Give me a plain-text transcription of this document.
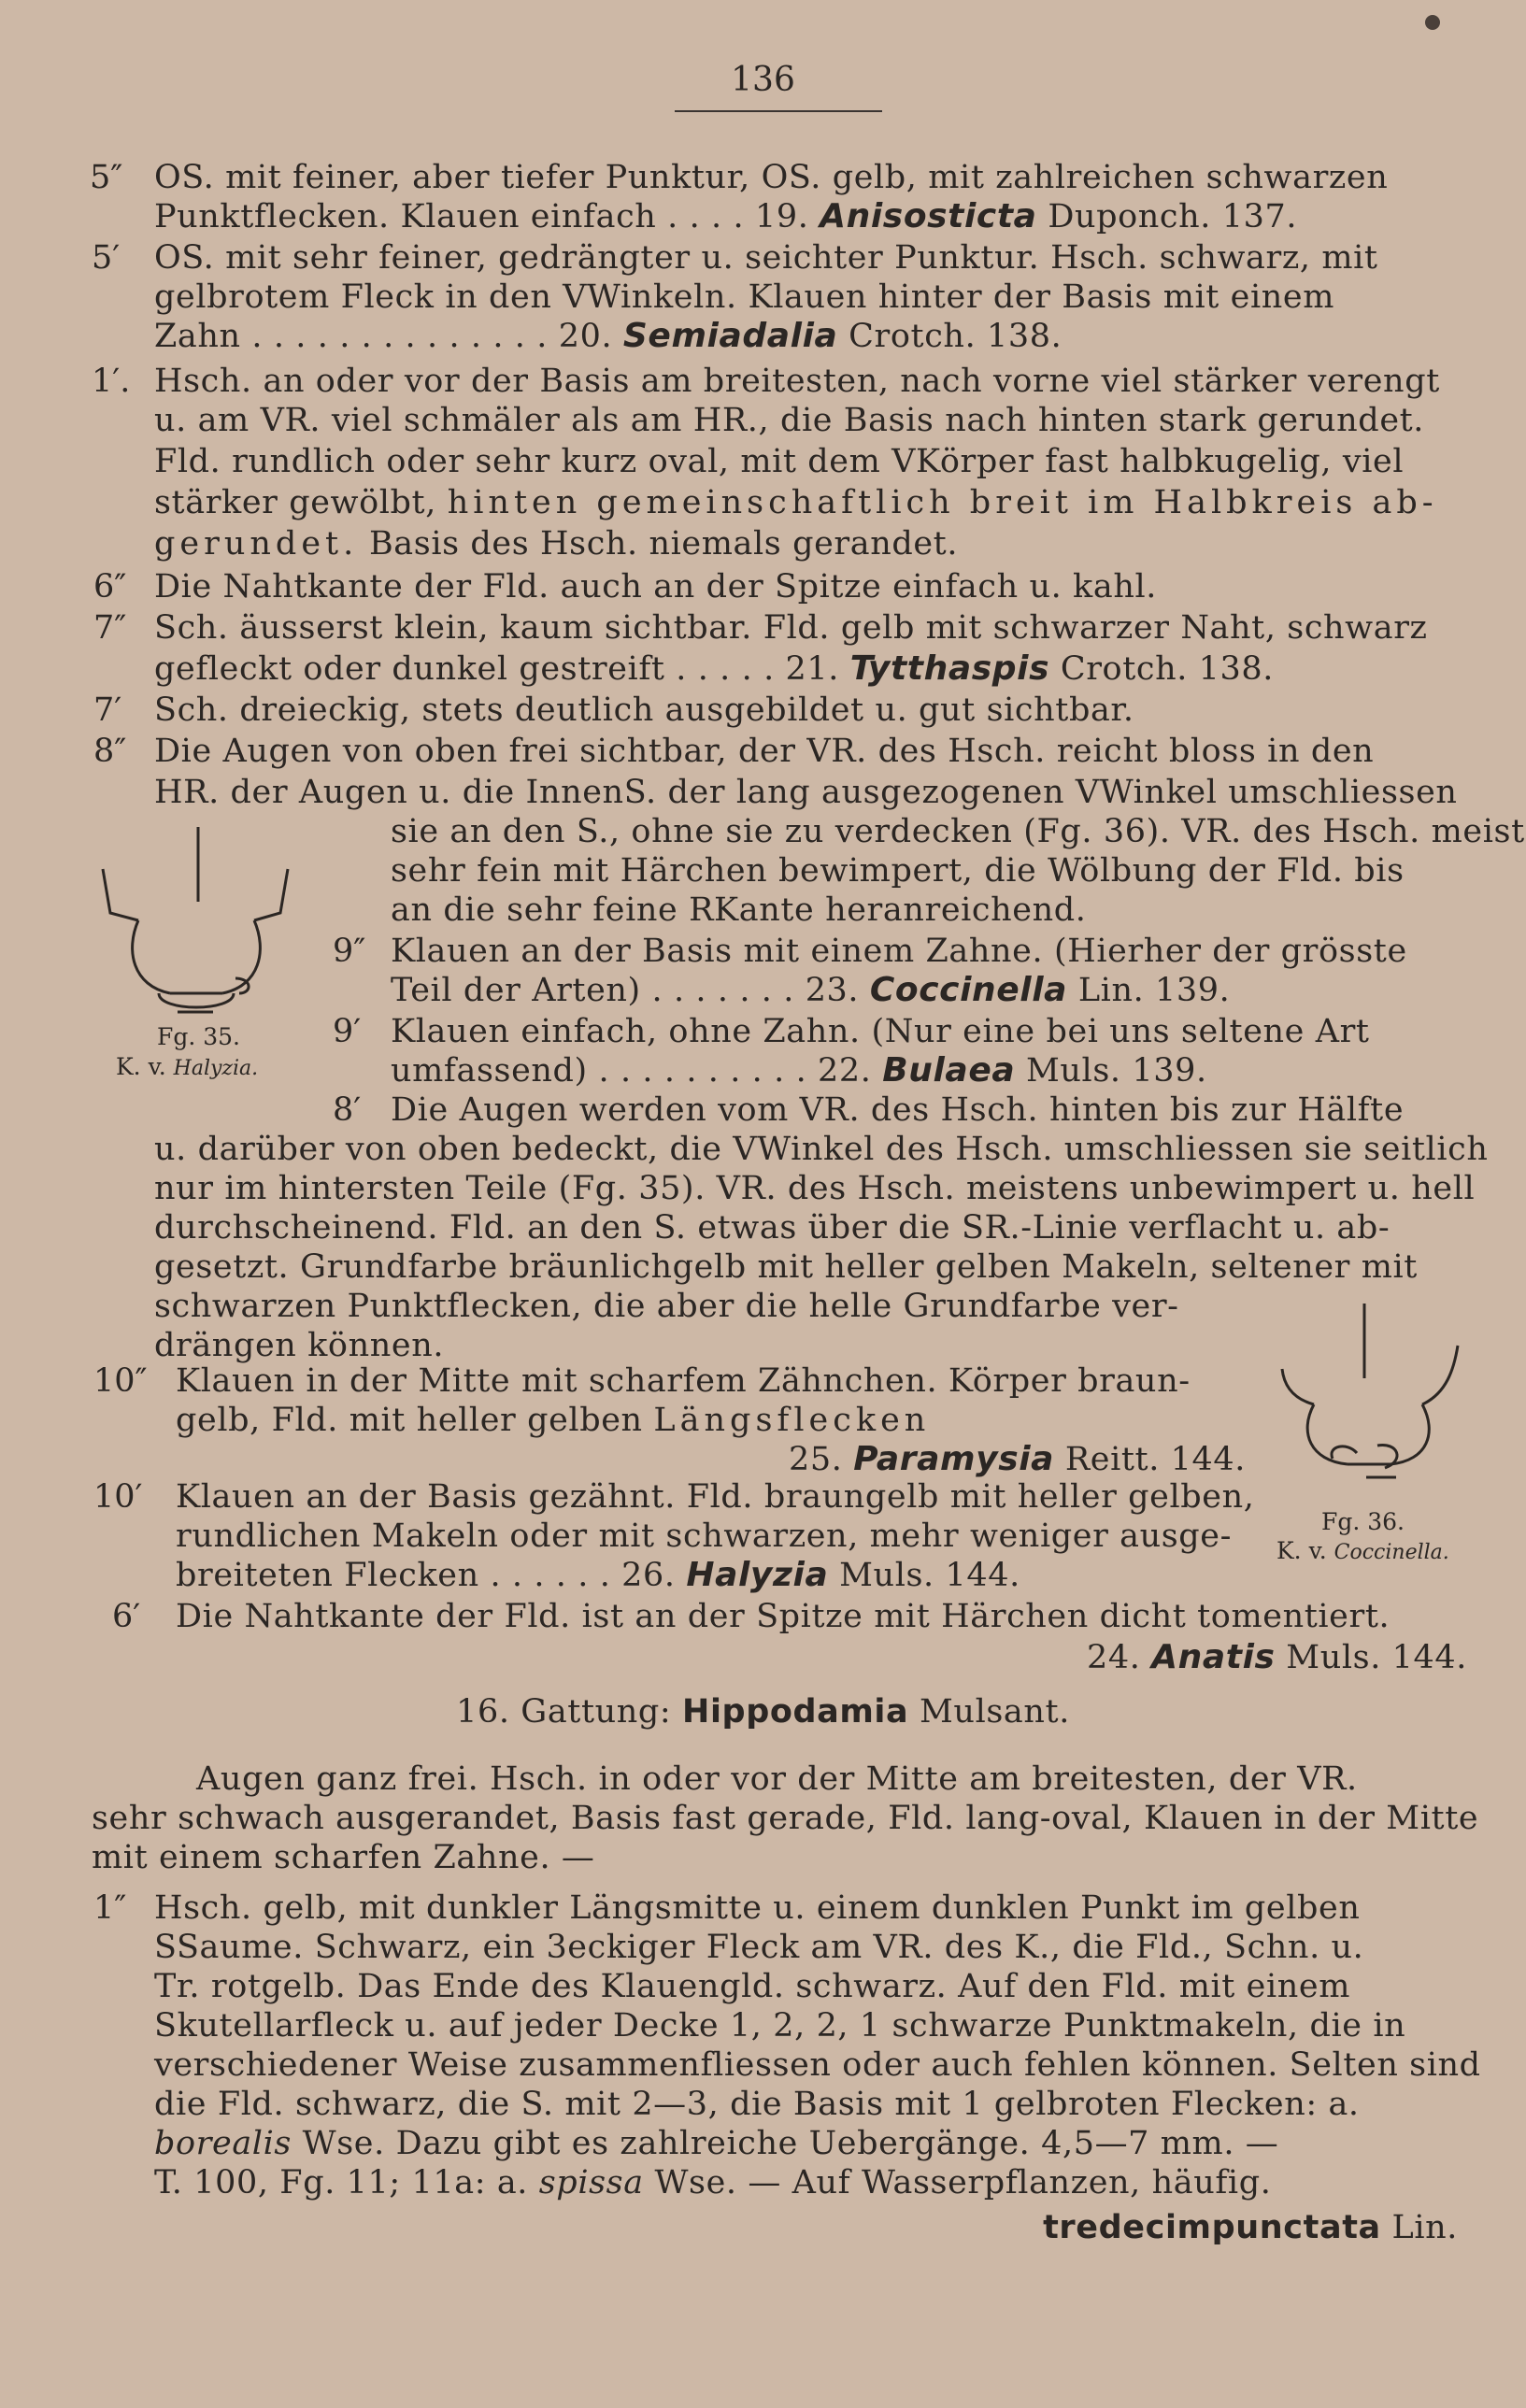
136
5″ OS. mit feiner, aber tiefer Punktur, OS. gelb, mit zahlreichen schwarzen
Punktflecken. Klauen einfach . . . . 19. Anisosticta Duponch. 137.
5′ OS. mit sehr feiner, gedrängter u. seichter Punktur. Hsch. schwarz, mit
gelbrotem Fleck in den VWinkeln. Klauen hinter der Basis mit einem
Zahn . . . . . . . . . . . . . . 20. Semiadalia Crotch. 138.
1′. Hsch. an oder vor der Basis am breitesten, nach vorne viel stärker verengt
u. am VR. viel schmäler als am HR., die Basis nach hinten stark gerundet.
Fld. rundlich oder sehr kurz oval, mit dem VKörper fast halbkugelig, viel
stärker gewölbt, hinten gemeinschaftlich breit im Halbkreis ab-
gerundet. Basis des Hsch. niemals gerandet.
6″ Die Nahtkante der Fld. auch an der Spitze einfach u. kahl.
7″ Sch. äusserst klein, kaum sichtbar. Fld. gelb mit schwarzer Naht, schwarz
gefleckt oder dunkel gestreift . . . . . 21. Tytthaspis Crotch. 138.
7′ Sch. dreieckig, stets deutlich ausgebildet u. gut sichtbar.
8″ Die Augen von oben frei sichtbar, der VR. des Hsch. reicht bloss in den
HR. der Augen u. die InnenS. der lang ausgezogenen VWinkel umschliessen
sie an den S., ohne sie zu verdecken (Fg. 36). VR. des Hsch. meist
sehr fein mit Härchen bewimpert, die Wölbung der Fld. bis
an die sehr feine RKante heranreichend.
Fg. 35.
K. v. Halyzia.
9″ Klauen an der Basis mit einem Zahne. (Hierher der grösste
Teil der Arten) . . . . . . . 23. Coccinella Lin. 139.
9′ Klauen einfach, ohne Zahn. (Nur eine bei uns seltene Art
umfassend) . . . . . . . . . . 22. Bulaea Muls. 139.
8′ Die Augen werden vom VR. des Hsch. hinten bis zur Hälfte
u. darüber von oben bedeckt, die VWinkel des Hsch. umschliessen sie seitlich
nur im hintersten Teile (Fg. 35). VR. des Hsch. meistens unbewimpert u. hell
durchscheinend. Fld. an den S. etwas über die SR.-Linie verflacht u. ab-
gesetzt. Grundfarbe bräunlichgelb mit heller gelben Makeln, seltener mit
schwarzen Punktflecken, die aber die helle Grundfarbe ver-
drängen können.
10″ Klauen in der Mitte mit scharfem Zähnchen. Körper braun-
gelb, Fld. mit heller gelben Längsflecken
25. Paramysia Reitt. 144.
Fg. 36.
K. v. Coccinella.
10′ Klauen an der Basis gezähnt. Fld. braungelb mit heller gelben,
rundlichen Makeln oder mit schwarzen, mehr weniger ausge-
breiteten Flecken . . . . . . 26. Halyzia Muls. 144.
6′ Die Nahtkante der Fld. ist an der Spitze mit Härchen dicht tomentiert.
24. Anatis Muls. 144.
16. Gattung: Hippodamia Mulsant.
Augen ganz frei. Hsch. in oder vor der Mitte am breitesten, der VR.
sehr schwach ausgerandet, Basis fast gerade, Fld. lang-oval, Klauen in der Mitte
mit einem scharfen Zahne. —
1″ Hsch. gelb, mit dunkler Längsmitte u. einem dunklen Punkt im gelben
SSaume. Schwarz, ein 3eckiger Fleck am VR. des K., die Fld., Schn. u.
Tr. rotgelb. Das Ende des Klauengld. schwarz. Auf den Fld. mit einem
Skutellarfleck u. auf jeder Decke 1, 2, 2, 1 schwarze Punktmakeln, die in
verschiedener Weise zusammenfliessen oder auch fehlen können. Selten sind
die Fld. schwarz, die S. mit 2—3, die Basis mit 1 gelbroten Flecken: a.
borealis Wse. Dazu gibt es zahlreiche Uebergänge. 4,5—7 mm. —
T. 100, Fg. 11; 11a: a. spissa Wse. — Auf Wasserpflanzen, häufig.
tredecimpunctata Lin.
